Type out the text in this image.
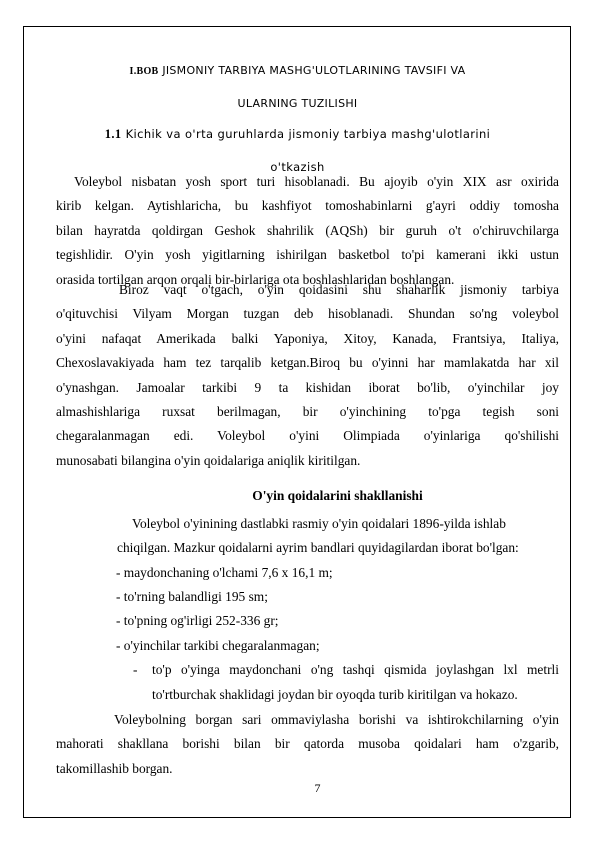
I.BOB JISMONIY TARBIYA MASHG'ULOTLARINING TAVSIFI VA
ULARNING TUZILISHI
1.1 Kichik va o'rta guruhlarda jismoniy tarbiya mashg'ulotlarini
o'tkazish
Voleybol nisbatan yosh sport turi hisoblanadi. Bu ajoyib o'yin XIX asr oxirida
kirib kelgan. Aytishlaricha, bu kashfiyot tomoshabinlarni g'ayri oddiy tomosha
bilan hayratda qoldirgan Geshok shahrilik (AQSh) bir guruh o't o'chiruvchilarga
tegishlidir. O'yin yosh yigitlarning ishirilgan basketbol to'pi kamerani ikki ustun
orasida tortilgan arqon orqali bir-birlariga ota boshlashlaridan boshlangan.
Biroz vaqt o'tgach, o'yin qoidasini shu shaharlik jismoniy tarbiya
o'qituvchisi Vilyam Morgan tuzgan deb hisoblanadi. Shundan so'ng voleybol
o'yini nafaqat Amerikada balki Yaponiya, Xitoy, Kanada, Frantsiya, Italiya,
Chexoslavakiyada ham tez tarqalib ketgan.Biroq bu o'yinni har mamlakatda har xil
o'ynashgan. Jamoalar tarkibi 9 ta kishidan iborat bo'lib, o'yinchilar joy
almashishlariga ruxsat berilmagan, bir o'yinchining to'pga tegish soni
chegaralanmagan edi. Voleybol o'yini Olimpiada o'yinlariga qo'shilishi
munosabati bilangina o'yin qoidalariga aniqlik kiritilgan.
O'yin qoidalarini shakllanishi
Voleybol o'yinining dastlabki rasmiy o'yin qoidalari 1896-yilda ishlab
chiqilgan. Mazkur qoidalarni ayrim bandlari quyidagilardan iborat bo'lgan:
- maydonchaning o'lchami 7,6 x 16,1 m;
- to'rning balandligi 195 sm;
- to'pning og'irligi 252-336 gr;
- o'yinchilar tarkibi chegaralanmagan;
- to'p o'yinga maydonchani o'ng tashqi qismida joylashgan lxl metrli
to'rtburchak shaklidagi joydan bir oyoqda turib kiritilgan va hokazo.
Voleybolning borgan sari ommaviylasha borishi va ishtirokchilarning o'yin
mahorati shakllana borishi bilan bir qatorda musoba qoidalari ham o'zgarib,
takomillashib borgan.
7
